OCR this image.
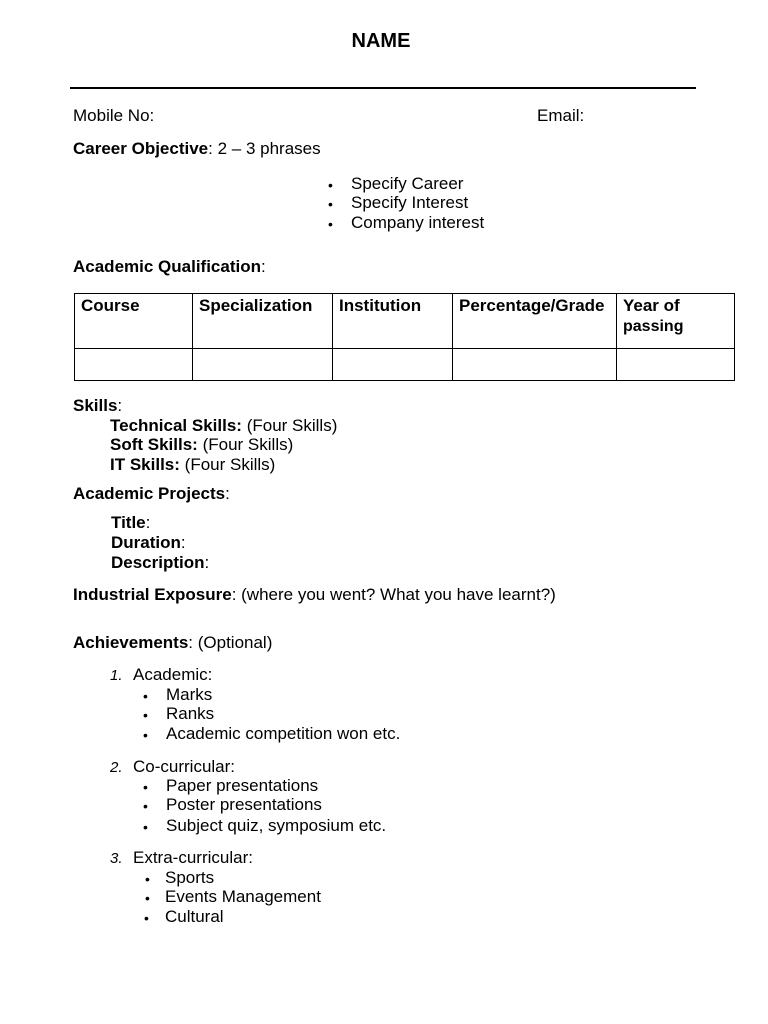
NAME
Mobile No:	Email:
Career Objective: 2 – 3 phrases
• Specify Career
• Specify Interest
• Company interest
Academic Qualification:
Course	Specialization	Institution	Percentage/Grade	Year of
passing

Skills:
Technical Skills: (Four Skills)
Soft Skills: (Four Skills)
IT Skills: (Four Skills)
Academic Projects:
Title:
Duration:
Description:
Industrial Exposure: (where you went? What you have learnt?)
Achievements: (Optional)
1. Academic:
• Marks
• Ranks
• Academic competition won etc.
2. Co-curricular:
• Paper presentations
• Poster presentations
• Subject quiz, symposium etc.
3. Extra-curricular:
• Sports
• Events Management
• Cultural
